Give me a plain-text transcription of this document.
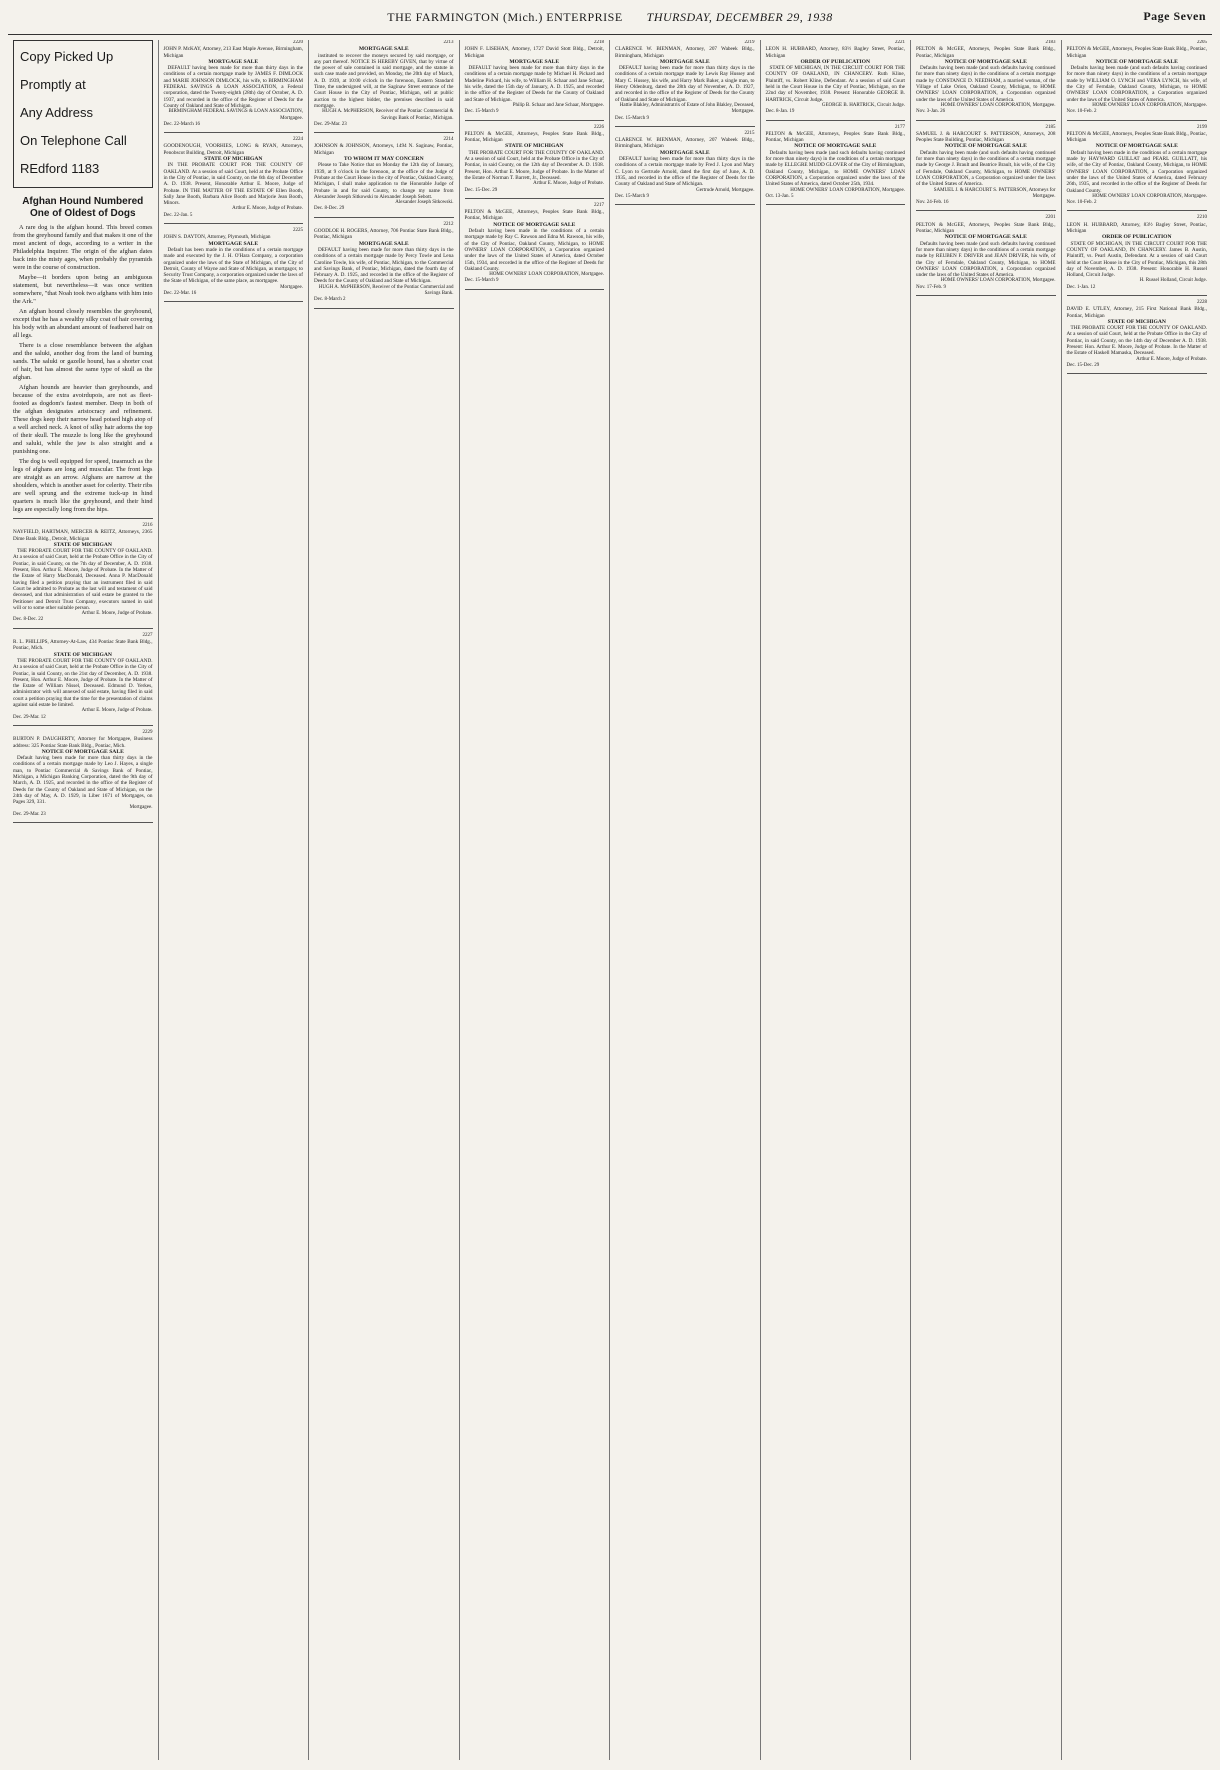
THE FARMINGTON (Mich.) ENTERPRISE THURSDAY, DECEMBER 29, 1938	Page Seven

Copy Picked Up

Promptly at

Any Address

On Telephone Call

REdford 1183

Afghan Hound Numbered One of Oldest of Dogs

A rare dog is the afghan hound. This breed comes from the greyhound family and that makes it one of the most ancient of dogs, according to a writer in the Philadelphia Inquirer. The origin of the afghan dates back into the misty ages, when probably the pyramids were in the course of construction.

Maybe—it borders upon being an ambiguous statement, but nevertheless—it was once written somewhere, "that Noah took two afghans with him into the Ark."

An afghan hound closely resembles the greyhound, except that he has a wealthy silky coat of hair covering his body with an abundant amount of feathered hair on all legs.

There is a close resemblance between the afghan and the saluki, another dog from the land of burning sands. The saluki or gazelle hound, has a shorter coat of hair, but has almost the same type of skull as the afghan.

Afghan hounds are heavier than greyhounds, and because of the extra avoirdupois, are not as fleet-footed as dogdom's fastest member. Deep in both of the afghan designates aristocracy and refinement. These dogs keep their narrow head poised high atop of a well arched neck. A knot of silky hair adorns the top of their skull. The muzzle is long like the greyhound and saluki, while the jaw is also straight and a punishing one.

The dog is well equipped for speed, inasmuch as the legs of afghans are long and muscular. The front legs are straight as an arrow. Afghans are narrow at the shoulders, which is another asset for celerity. Their ribs are well sprung and the extreme tuck-up in hind quarters is much like the greyhound, and their hind legs are especially long from the hips.

2216
NAYFIELD, HARTMAN, MERCER & REITZ, Attorneys, 2365 Dime Bank Bldg., Detroit, Michigan
STATE OF MICHIGAN
THE PROBATE COURT FOR THE COUNTY OF OAKLAND. At a session of said Court, held at the Probate Office in the City of Pontiac, in said County, on the 7th day of December, A. D. 1938. Present, Hon. Arthur E. Moore, Judge of Probate. In the Matter of the Estate of Harry MacDonald, Deceased. Anna P. MacDonald having filed a petition praying that an instrument filed in said Court be admitted to Probate as the last will and testament of said deceased, and that administration of said estate be granted to the Petitioner and Detroit Trust Company, executors named in said will or to some other suitable person.
Arthur E. Moore, Judge of Probate.
Dec. 8-Dec. 22
2227
R. L. PHILLIPS, Attorney-At-Law, 434 Pontiac State Bank Bldg., Pontiac, Mich.
STATE OF MICHIGAN
THE PROBATE COURT FOR THE COUNTY OF OAKLAND. At a session of said Court, held at the Probate Office in the City of Pontiac, in said County, on the 21st day of December, A. D. 1938. Present, Hon. Arthur E. Moore, Judge of Probate. In the Matter of the Estate of William Nissel, Deceased. Edmund D. Yerkes, administrator with will annexed of said estate, having filed in said court a petition praying that the time for the presentation of claims against said estate be limited.
Arthur E. Moore, Judge of Probate.
Dec. 29-Mar. 12
2229
BURTON P. DAUGHERTY, Attorney for Mortgagee, Business address: 325 Pontiac State Bank Bldg., Pontiac, Mich.
NOTICE OF MORTGAGE SALE
Default having been made for more than thirty days in the conditions of a certain mortgage made by Leo J. Hayes, a single man, to Pontiac Commercial & Savings Bank of Pontiac, Michigan, a Michigan Banking Corporation, dated the 9th day of March, A. D. 1925, and recorded in the office of the Register of Deeds for the County of Oakland and State of Michigan, on the 24th day of May, A. D. 1929, in Liber 1671 of Mortgages, on Pages 329, 331.
Mortgagee.
Dec. 29-Mar. 23
2220
JOHN P. McKAY, Attorney, 213 East Maple Avenue, Birmingham, Michigan
MORTGAGE SALE
DEFAULT having been made for more than thirty days in the conditions of a certain mortgage made by JAMES F. DIMLOCK and MARIE JOHNSON DIMLOCK, his wife, to BIRMINGHAM FEDERAL SAVINGS & LOAN ASSOCIATION, a Federal corporation, dated the Twenty-eighth (28th) day of October, A. D. 1937, and recorded in the office of the Register of Deeds for the County of Oakland and State of Michigan.
BIRMINGHAM FEDERAL SAVINGS & LOAN ASSOCIATION, Mortgagee.
Dec. 22-March 16
2224
GOODENOUGH, VOORHIES, LONG & RYAN, Attorneys, Penobscot Building, Detroit, Michigan
STATE OF MICHIGAN
IN THE PROBATE COURT FOR THE COUNTY OF OAKLAND. At a session of said Court, held at the Probate Office in the City of Pontiac, in said County, on the 6th day of December A. D. 1938. Present, Honorable Arthur E. Moore, Judge of Probate. IN THE MATTER OF THE ESTATE OF Ellen Booth, Sally Jane Booth, Barbara Alice Booth and Marjorie Jean Booth, Minors.
Arthur E. Moore, Judge of Probate.
Dec. 22-Jan. 5
2225
JOHN S. DAYTON, Attorney, Plymouth, Michigan
MORTGAGE SALE
Default has been made in the conditions of a certain mortgage made and executed by the J. H. O'Hara Company, a corporation organized under the laws of the State of Michigan, of the City of Detroit, County of Wayne and State of Michigan, as mortgagor, to Security Trust Company, a corporation organized under the laws of the State of Michigan, of the same place, as mortgagee.
Mortgagee.
Dec. 22-Mar. 16
2213
MORTGAGE SALE
instituted to recover the moneys secured by said mortgage, or any part thereof. NOTICE IS HEREBY GIVEN, that by virtue of the power of sale contained in said mortgage, and the statute in such case made and provided, on Monday, the 20th day of March, A. D. 1939, at 10:00 o'clock in the forenoon, Eastern Standard Time, the undersigned will, at the Saginaw Street entrance of the Court House in the City of Pontiac, Michigan, sell at public auction to the highest bidder, the premises described in said mortgage.
HUGH A. McPHERSON, Receiver of the Pontiac Commercial & Savings Bank of Pontiac, Michigan.
Dec. 29-Mar. 23
2214
JOHNSON & JOHNSON, Attorneys, 1494 N. Saginaw, Pontiac, Michigan
TO WHOM IT MAY CONCERN
Please to Take Notice that on Monday the 12th day of January, 1939, at 9 o'clock in the forenoon, at the office of the Judge of Probate at the Court House in the city of Pontiac, Oakland County, Michigan, I shall make application to the Honorable Judge of Probate in and for said County, to change my name from Alexander Joseph Sitkowski to Alexander Joseph Sebott.
Alexander Joseph Sitkowski.
Dec. 8-Dec. 29
2212
GOODLOE H. ROGERS, Attorney, 706 Pontiac State Bank Bldg., Pontiac, Michigan
MORTGAGE SALE
DEFAULT having been made for more than thirty days in the conditions of a certain mortgage made by Percy Towle and Lena Caroline Towle, his wife, of Pontiac, Michigan, to the Commercial and Savings Bank, of Pontiac, Michigan, dated the fourth day of February A. D. 1925, and recorded in the office of the Register of Deeds for the County of Oakland and State of Michigan.
HUGH A. McPHERSON, Receiver of the Pontiac Commercial and Savings Bank.
Dec. 8-March 2
2218
JOHN F. LISEHAN, Attorney, 1727 David Stott Bldg., Detroit, Michigan
MORTGAGE SALE
DEFAULT having been made for more than thirty days in the conditions of a certain mortgage made by Michael H. Pickard and Madeline Pickard, his wife, to William H. Schaar and Jane Schaar, his wife, dated the 15th day of January, A. D. 1925, and recorded in the office of the Register of Deeds for the County of Oakland and State of Michigan.
Philip B. Schaar and Jane Schaar, Mortgagee.
Dec. 15-March 9
2226
PELTON & McGEE, Attorneys, Peoples State Bank Bldg., Pontiac, Michigan
STATE OF MICHIGAN
THE PROBATE COURT FOR THE COUNTY OF OAKLAND. At a session of said Court, held at the Probate Office in the City of Pontiac, in said County, on the 12th day of December A. D. 1938. Present, Hon. Arthur E. Moore, Judge of Probate. In the Matter of the Estate of Norman T. Barrett, Jr., Deceased.
Arthur E. Moore, Judge of Probate.
Dec. 15-Dec. 29
2217
PELTON & McGEE, Attorneys, Peoples State Bank Bldg., Pontiac, Michigan
NOTICE OF MORTGAGE SALE
Default having been made in the conditions of a certain mortgage made by Ray C. Rawson and Edna M. Rawson, his wife, of the City of Pontiac, Oakland County, Michigan, to HOME OWNERS' LOAN CORPORATION, a Corporation organized under the laws of the United States of America, dated October 15th, 1934, and recorded in the office of the Register of Deeds for Oakland County.
HOME OWNERS' LOAN CORPORATION, Mortgagee.
Dec. 15-March 9
2219
CLARENCE W. BIENMAN, Attorney, 207 Wabeek Bldg., Birmingham, Michigan
MORTGAGE SALE
DEFAULT having been made for more than thirty days in the conditions of a certain mortgage made by Lewis Ray Hussey and Mary C. Hussey, his wife, and Harry Mark Baker, a single man, to Henry Oldenburg, dated the 28th day of November, A. D. 1927, and recorded in the office of the Register of Deeds for the County of Oakland and State of Michigan.
Hattie Blakley, Administratrix of Estate of John Blakley, Deceased, Mortgagee.
Dec. 15-March 9
2215
CLARENCE W. BIENMAN, Attorney, 207 Wabeek Bldg., Birmingham, Michigan
MORTGAGE SALE
DEFAULT having been made for more than thirty days in the conditions of a certain mortgage made by Fred J. Lyon and Mary C. Lyon to Gertrude Arnold, dated the first day of June, A. D. 1935, and recorded in the office of the Register of Deeds for the County of Oakland and State of Michigan.
Gertrude Arnold, Mortgagee.
Dec. 15-March 9
2221
LEON H. HUBBARD, Attorney, 83½ Bagley Street, Pontiac, Michigan
ORDER OF PUBLICATION
STATE OF MICHIGAN, IN THE CIRCUIT COURT FOR THE COUNTY OF OAKLAND, IN CHANCERY. Ruth Kline, Plaintiff, vs. Robert Kline, Defendant. At a session of said Court held in the Court House in the City of Pontiac, Michigan, on the 22nd day of November, 1938. Present: Honorable GEORGE B. HARTRICK, Circuit Judge.
GEORGE B. HARTRICK, Circuit Judge.
Dec. 8-Jan. 19
2177
PELTON & McGEE, Attorneys, Peoples State Bank Bldg., Pontiac, Michigan
NOTICE OF MORTGAGE SALE
Defaults having been made (and such defaults having continued for more than ninety days) in the conditions of a certain mortgage made by ELLEGRE MUDD GLOVER of the City of Birmingham, Oakland County, Michigan, to HOME OWNERS' LOAN CORPORATION, a Corporation organized under the laws of the United States of America, dated October 25th, 1934.
HOME OWNERS' LOAN CORPORATION, Mortgagee.
Oct. 13-Jan. 5
2183
PELTON & McGEE, Attorneys, Peoples State Bank Bldg., Pontiac, Michigan
NOTICE OF MORTGAGE SALE
Defaults having been made (and such defaults having continued for more than ninety days) in the conditions of a certain mortgage made by CONSTANCE D. NEEDHAM, a married woman, of the Village of Lake Orion, Oakland County, Michigan, to HOME OWNERS' LOAN CORPORATION, a Corporation organized under the laws of the United States of America.
HOME OWNERS' LOAN CORPORATION, Mortgagee.
Nov. 3-Jan. 26
2185
SAMUEL J. & HARCOURT S. PATTERSON, Attorneys, 208 Peoples State Building, Pontiac, Michigan
NOTICE OF MORTGAGE SALE
Defaults having been made (and such defaults having continued for more than ninety days) in the conditions of a certain mortgage made by George J. Brault and Beatrice Brault, his wife, of the City of Ferndale, Oakland County, Michigan, to HOME OWNERS' LOAN CORPORATION, a Corporation organized under the laws of the United States of America.
SAMUEL J. & HARCOURT S. PATTERSON, Attorneys for Mortgagee.
Nov. 24-Feb. 16
2201
PELTON & McGEE, Attorneys, Peoples State Bank Bldg., Pontiac, Michigan
NOTICE OF MORTGAGE SALE
Defaults having been made (and such defaults having continued for more than ninety days) in the conditions of a certain mortgage made by REUBEN F. DRIVER and JEAN DRIVER, his wife, of the City of Ferndale, Oakland County, Michigan, to HOME OWNERS' LOAN CORPORATION, a Corporation organized under the laws of the United States of America.
HOME OWNERS' LOAN CORPORATION, Mortgagee.
Nov. 17-Feb. 9
2205
PELTON & McGEE, Attorneys, Peoples State Bank Bldg., Pontiac, Michigan
NOTICE OF MORTGAGE SALE
Defaults having been made (and such defaults having continued for more than ninety days) in the conditions of a certain mortgage made by WILLIAM O. LYNCH and VERA LYNCH, his wife, of the City of Ferndale, Oakland County, Michigan, to HOME OWNERS' LOAN CORPORATION, a Corporation organized under the laws of the United States of America.
HOME OWNERS' LOAN CORPORATION, Mortgagee.
Nov. 10-Feb. 2
2199
PELTON & McGEE, Attorneys, Peoples State Bank Bldg., Pontiac, Michigan
NOTICE OF MORTGAGE SALE
Default having been made in the conditions of a certain mortgage made by HAYWARD GUILLAT and PEARL GUILLATT, his wife, of the City of Pontiac, Oakland County, Michigan, to HOME OWNERS' LOAN CORPORATION, a Corporation organized under the laws of the United States of America, dated February 26th, 1935, and recorded in the office of the Register of Deeds for Oakland County.
HOME OWNERS' LOAN CORPORATION, Mortgagee.
Nov. 10-Feb. 2
2210
LEON H. HUBBARD, Attorney, 83½ Bagley Street, Pontiac, Michigan
ORDER OF PUBLICATION
STATE OF MICHIGAN, IN THE CIRCUIT COURT FOR THE COUNTY OF OAKLAND, IN CHANCERY. James B. Austin, Plaintiff, vs. Pearl Austin, Defendant. At a session of said Court held at the Court House in the City of Pontiac, Michigan, this 28th day of November, A. D. 1938. Present: Honorable H. Russel Holland, Circuit Judge.
H. Russel Holland, Circuit Judge.
Dec. 1-Jan. 12
2228
DAVID E. UTLEY, Attorney, 215 First National Bank Bldg., Pontiac, Michigan
STATE OF MICHIGAN
THE PROBATE COURT FOR THE COUNTY OF OAKLAND. At a session of said Court, held at the Probate Office in the City of Pontiac, in said County, on the 14th day of December A. D. 1938. Present: Hon. Arthur E. Moore, Judge of Probate. In the Matter of the Estate of Haskell Mamaska, Deceased.
Arthur E. Moore, Judge of Probate.
Dec. 15-Dec. 29
